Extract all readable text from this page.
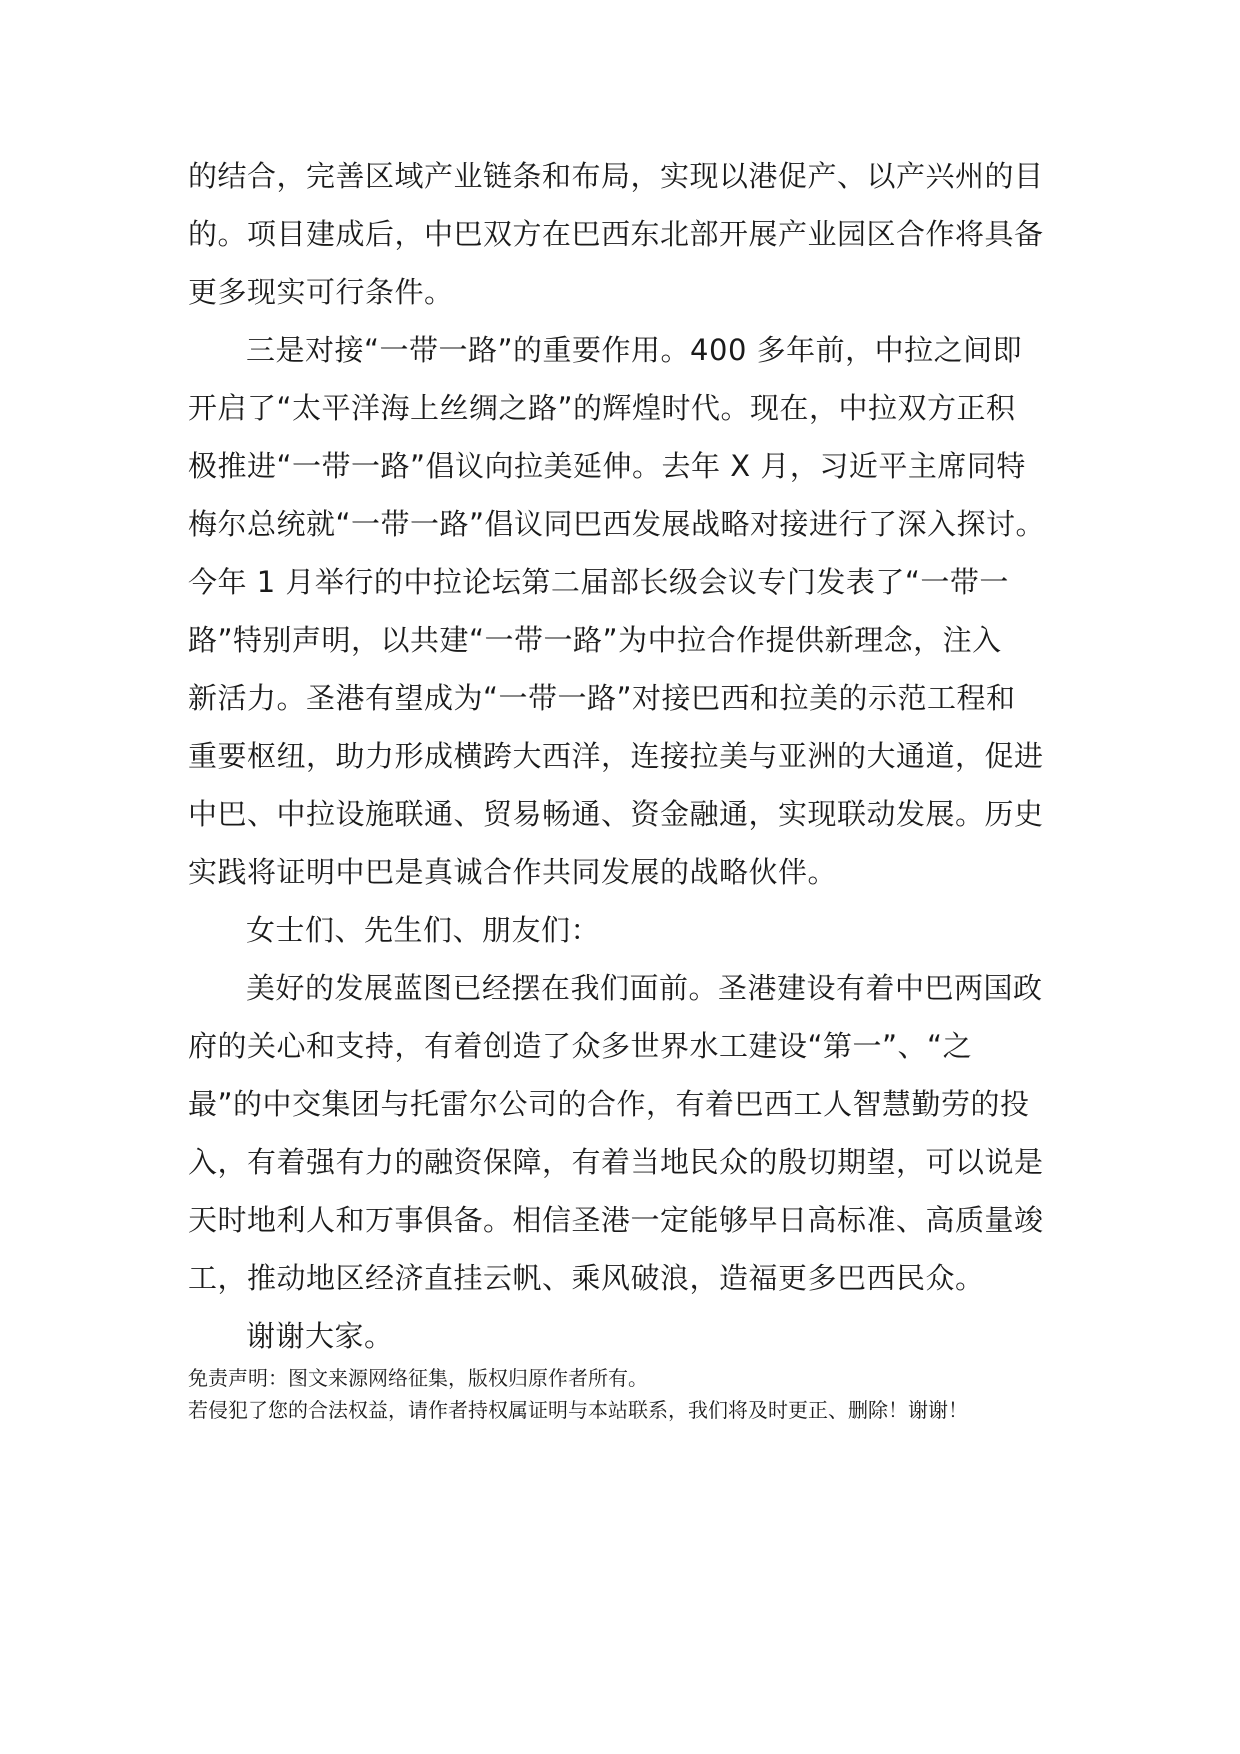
的结合，完善区域产业链条和布局，实现以港促产、以产兴州的目
的。项目建成后，中巴双方在巴西东北部开展产业园区合作将具备
更多现实可行条件。
三是对接“一带一路”的重要作用。400 多年前，中拉之间即
开启了“太平洋海上丝绸之路”的辉煌时代。现在，中拉双方正积
极推进“一带一路”倡议向拉美延伸。去年 X 月，习近平主席同特
梅尔总统就“一带一路”倡议同巴西发展战略对接进行了深入探讨。
今年 1 月举行的中拉论坛第二届部长级会议专门发表了“一带一
路”特别声明，以共建“一带一路”为中拉合作提供新理念，注入
新活力。圣港有望成为“一带一路”对接巴西和拉美的示范工程和
重要枢纽，助力形成横跨大西洋，连接拉美与亚洲的大通道，促进
中巴、中拉设施联通、贸易畅通、资金融通，实现联动发展。历史
实践将证明中巴是真诚合作共同发展的战略伙伴。
女士们、先生们、朋友们：
美好的发展蓝图已经摆在我们面前。圣港建设有着中巴两国政
府的关心和支持，有着创造了众多世界水工建设“第一”、“之
最”的中交集团与托雷尔公司的合作，有着巴西工人智慧勤劳的投
入，有着强有力的融资保障，有着当地民众的殷切期望，可以说是
天时地利人和万事俱备。相信圣港一定能够早日高标准、高质量竣
工，推动地区经济直挂云帆、乘风破浪，造福更多巴西民众。
谢谢大家。
免责声明：图文来源网络征集，版权归原作者所有。
若侵犯了您的合法权益，请作者持权属证明与本站联系，我们将及时更正、删除！谢谢！
